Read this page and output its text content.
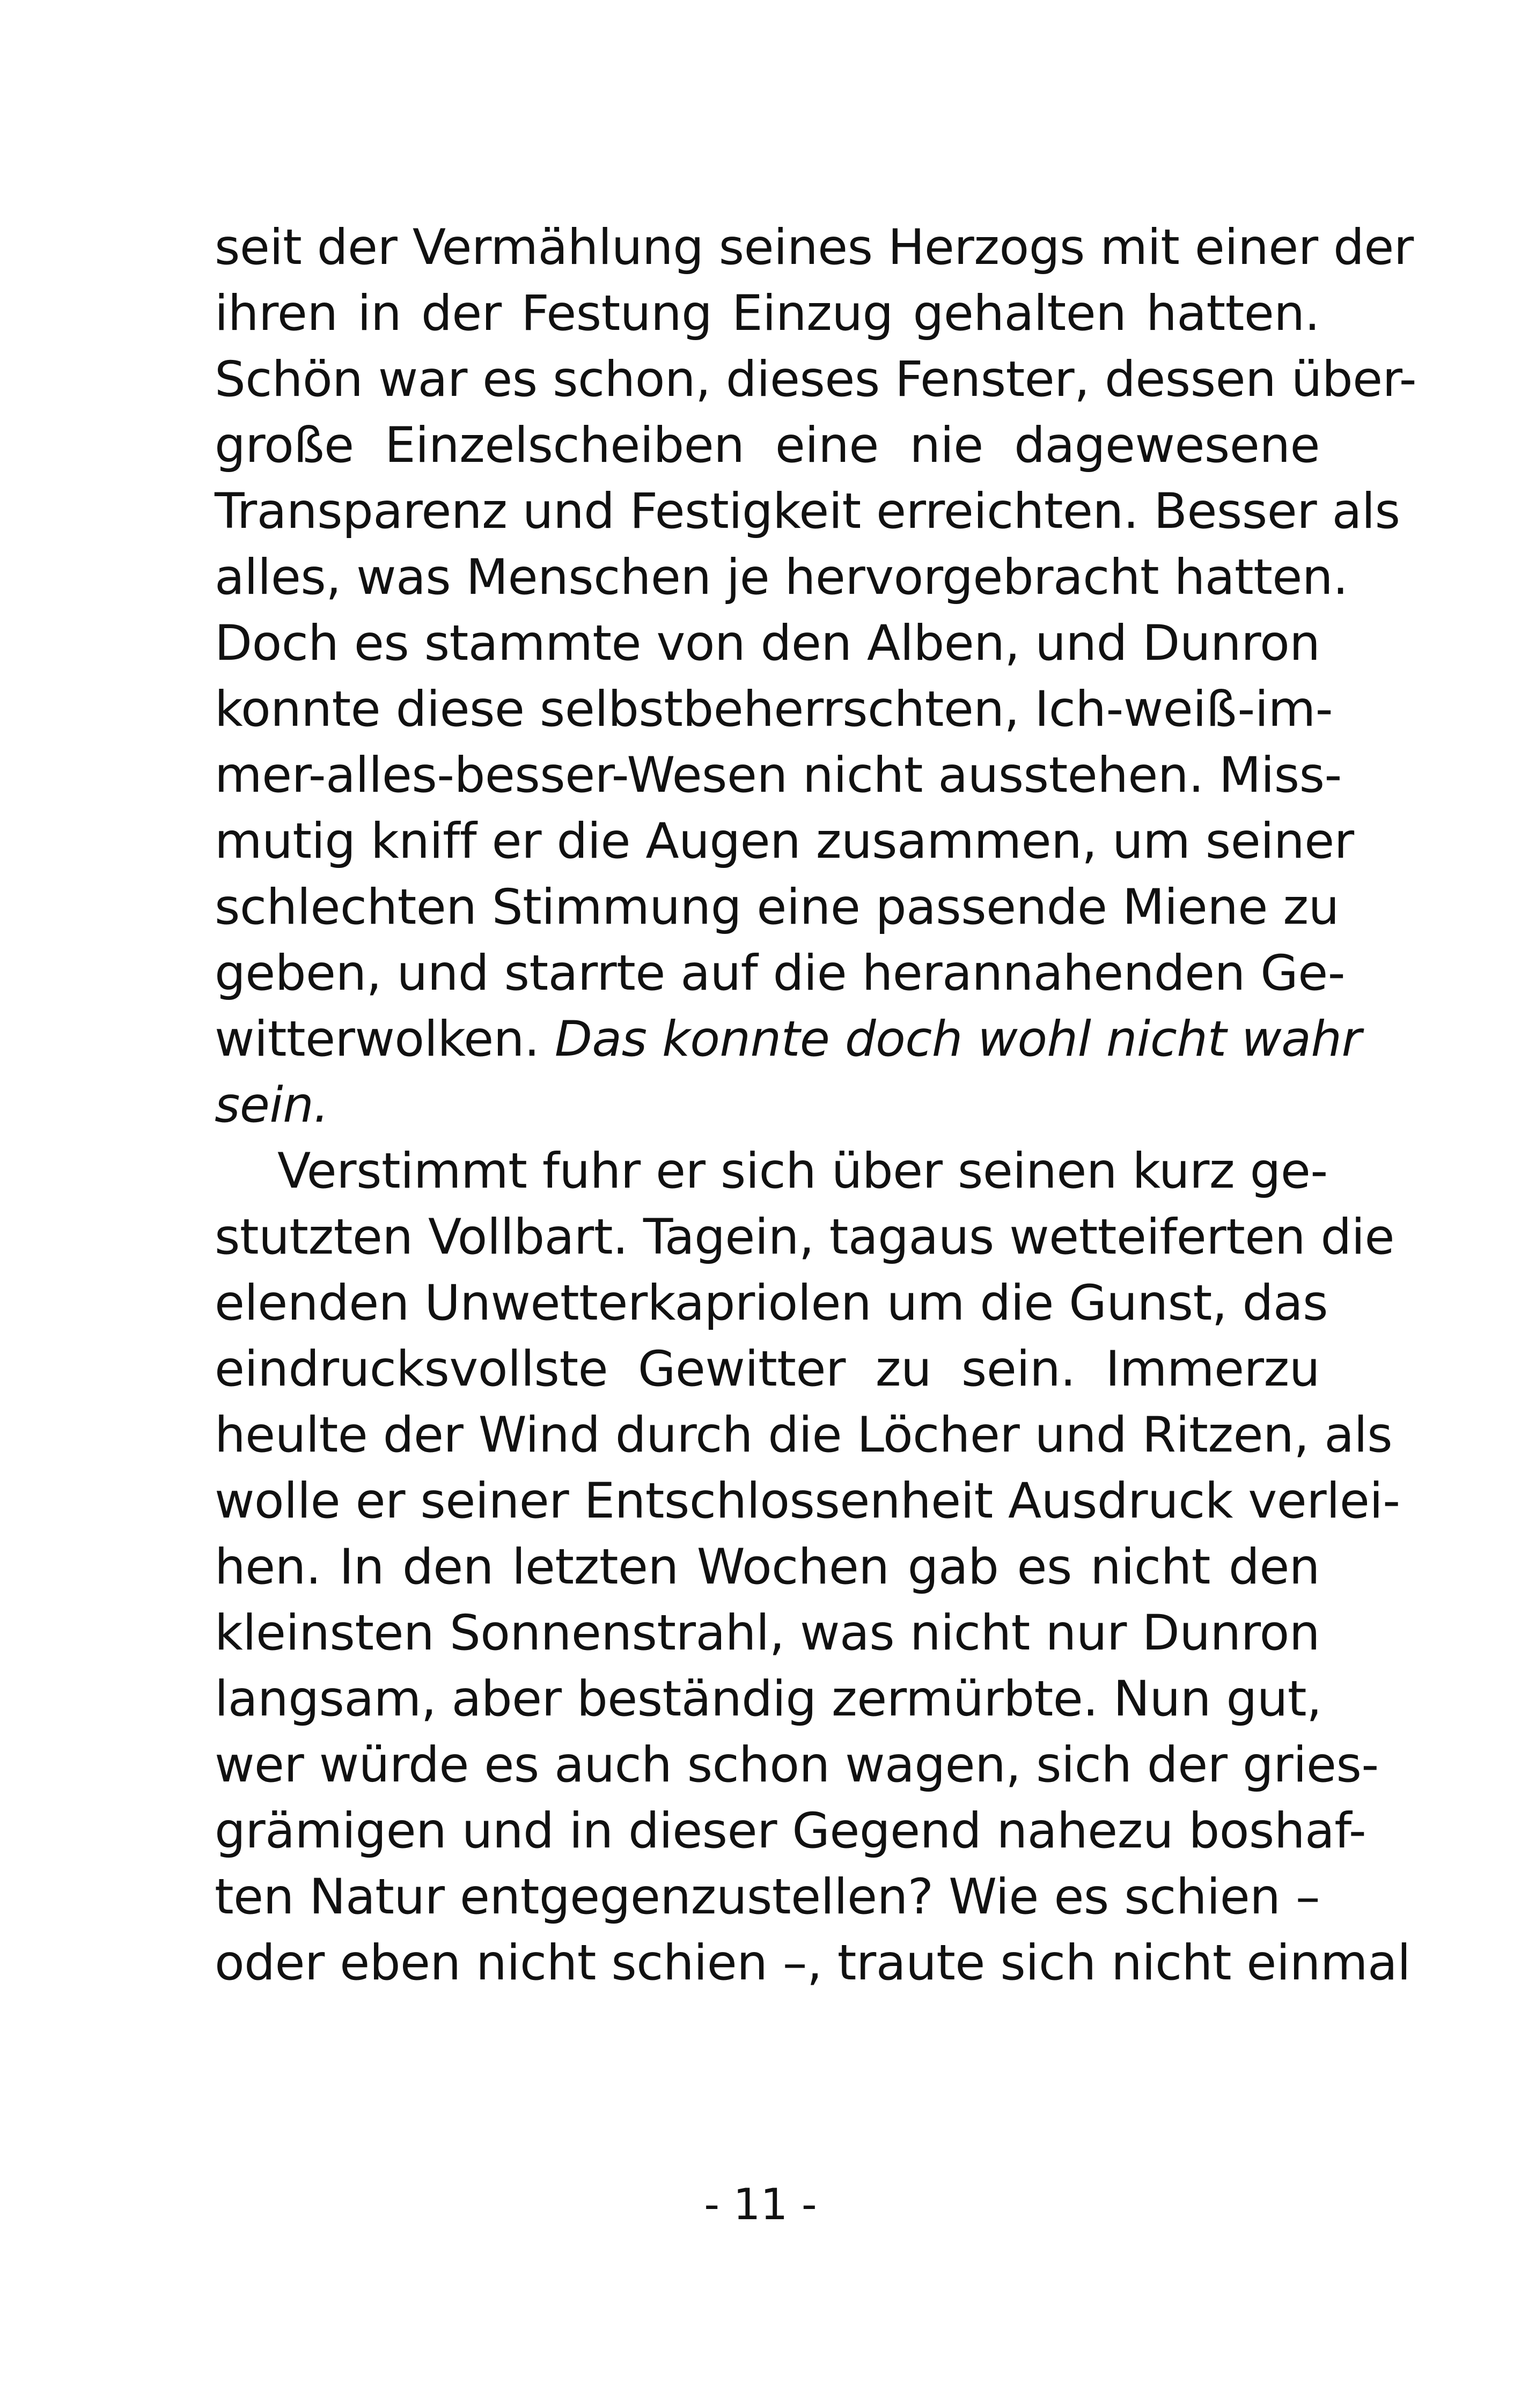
seit der Vermählung seines Herzogs mit einer der
ihren in der Festung Einzug gehalten hatten.
Schön war es schon, dieses Fenster, dessen über-
große Einzelscheiben eine nie dagewesene
Transparenz und Festigkeit erreichten. Besser als
alles, was Menschen je hervorgebracht hatten.
Doch es stammte von den Alben, und Dunron
konnte diese selbstbeherrschten, Ich-weiß-im-
mer-alles-besser-Wesen nicht ausstehen. Miss-
mutig kniff er die Augen zusammen, um seiner
schlechten Stimmung eine passende Miene zu
geben, und starrte auf die herannahenden Ge-
witterwolken. Das konnte doch wohl nicht wahr
sein.
Verstimmt fuhr er sich über seinen kurz ge-
stutzten Vollbart. Tagein, tagaus wetteiferten die
elenden Unwetterkapriolen um die Gunst, das
eindrucksvollste Gewitter zu sein. Immerzu
heulte der Wind durch die Löcher und Ritzen, als
wolle er seiner Entschlossenheit Ausdruck verlei-
hen. In den letzten Wochen gab es nicht den
kleinsten Sonnenstrahl, was nicht nur Dunron
langsam, aber beständig zermürbte. Nun gut,
wer würde es auch schon wagen, sich der gries-
grämigen und in dieser Gegend nahezu boshaf-
ten Natur entgegenzustellen? Wie es schien –
oder eben nicht schien –, traute sich nicht einmal
- 11 -
